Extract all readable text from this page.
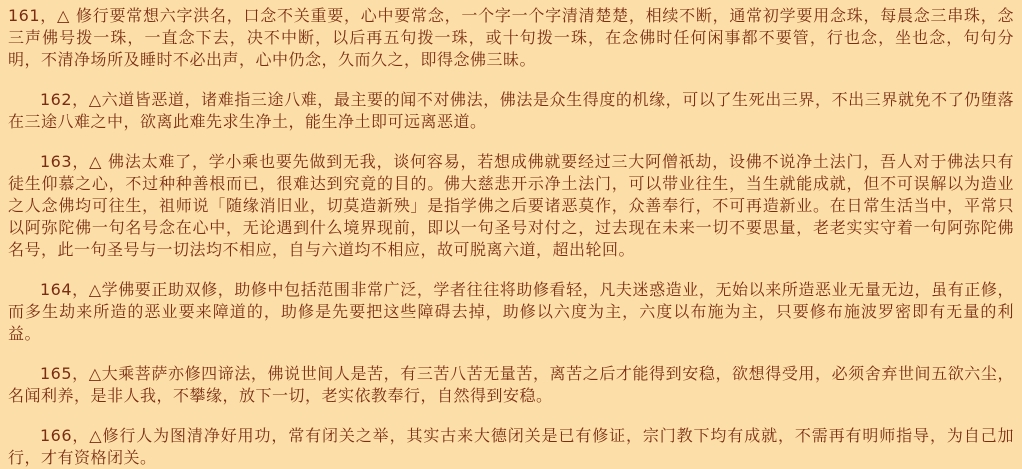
161，△ 修行要常想六字洪名，口念不关重要，心中要常念，一个字一个字清清楚楚，相续不断，通常初学要用念珠，每晨念三串珠，念三声佛号拨一珠，一直念下去，决不中断，以后再五句拨一珠，或十句拨一珠，在念佛时任何闲事都不要管，行也念，坐也念，句句分明，不清净场所及睡时不必出声，心中仍念，久而久之，即得念佛三昧。

162，△六道皆恶道，诸难指三途八难，最主要的闻不对佛法，佛法是众生得度的机缘，可以了生死出三界，不出三界就免不了仍堕落在三途八难之中，欲离此难先求生净土，能生净土即可远离恶道。

163，△ 佛法太难了，学小乘也要先做到无我，谈何容易，若想成佛就要经过三大阿僧祇劫，设佛不说净土法门，吾人对于佛法只有徒生仰慕之心，不过种种善根而已，很难达到究竟的目的。佛大慈悲开示净土法门，可以带业往生，当生就能成就，但不可误解以为造业之人念佛均可往生，祖师说「随缘消旧业，切莫造新殃」是指学佛之后要诸恶莫作，众善奉行，不可再造新业。在日常生活当中，平常只以阿弥陀佛一句名号念在心中，无论遇到什么境界现前，即以一句圣号对付之，过去现在未来一切不要思量，老老实实守着一句阿弥陀佛名号，此一句圣号与一切法均不相应，自与六道均不相应，故可脱离六道，超出轮回。

164，△学佛要正助双修，助修中包括范围非常广泛，学者往往将助修看轻，凡夫迷惑造业，无始以来所造恶业无量无边，虽有正修，而多生劫来所造的恶业要来障道的，助修是先要把这些障碍去掉，助修以六度为主，六度以布施为主，只要修布施波罗密即有无量的利益。

165，△大乘菩萨亦修四谛法，佛说世间人是苦，有三苦八苦无量苦，离苦之后才能得到安稳，欲想得受用，必须舍弃世间五欲六尘，名闻利养，是非人我，不攀缘，放下一切，老实依教奉行，自然得到安稳。

166，△修行人为图清净好用功，常有闭关之举，其实古来大德闭关是已有修证，宗门教下均有成就，不需再有明师指导，为自己加行，才有资格闭关。
